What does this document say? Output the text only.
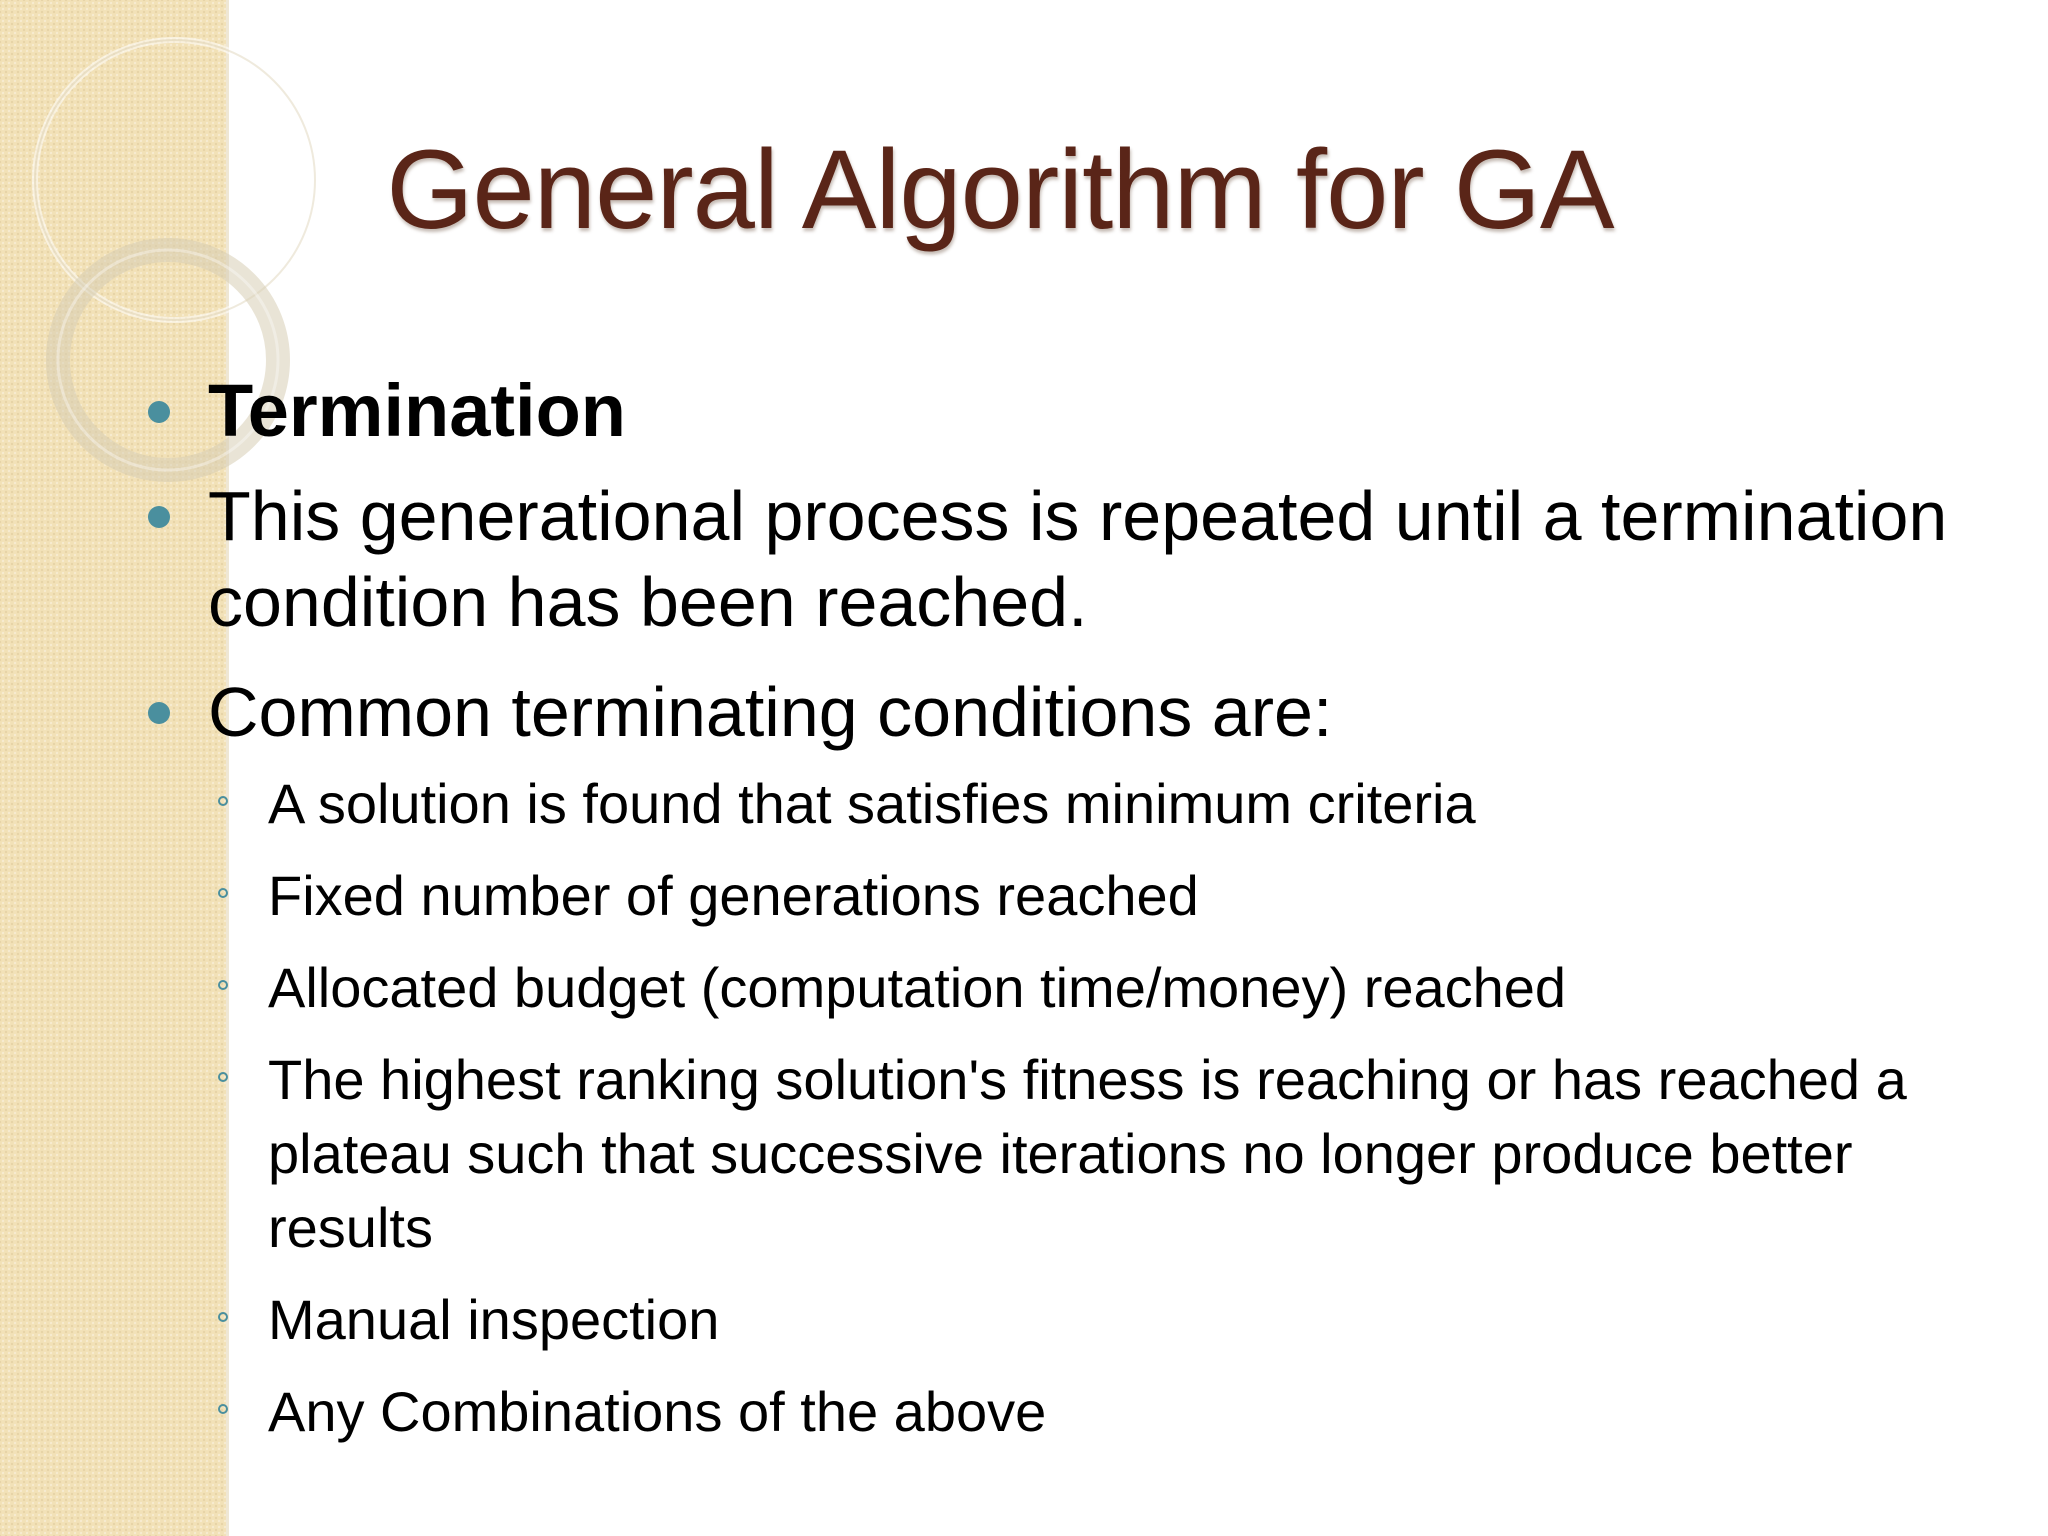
General Algorithm for GA
Termination
This generational process is repeated until a termination condition has been reached.
Common terminating conditions are:
A solution is found that satisfies minimum criteria
Fixed number of generations reached
Allocated budget (computation time/money) reached
The highest ranking solution's fitness is reaching or has reached a plateau such that successive iterations no longer produce better results
Manual inspection
Any Combinations of the above
